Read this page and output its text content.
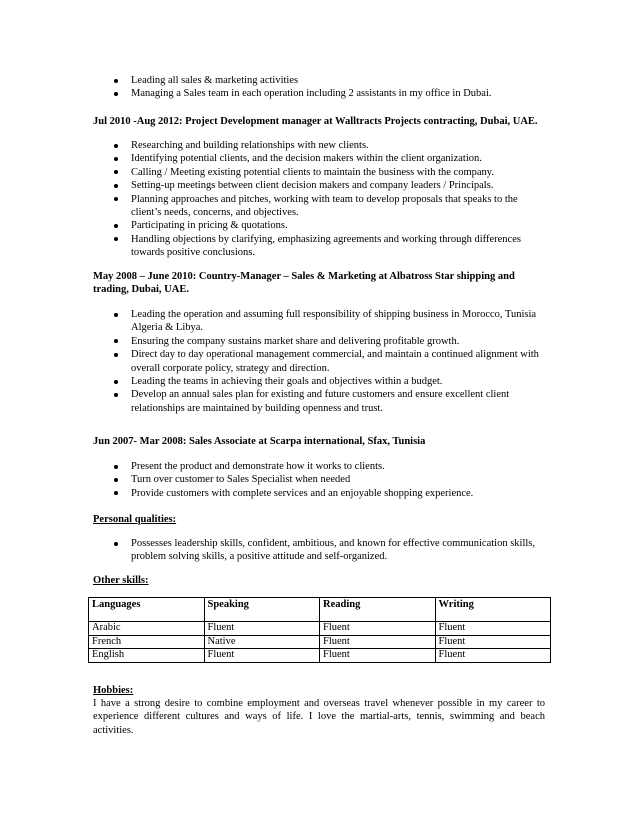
Leading all sales & marketing activities
Managing a Sales team in each operation including 2 assistants in my office in Dubai.
Jul 2010 -Aug 2012: Project Development manager at Walltracts Projects contracting, Dubai, UAE.
Researching and building relationships with new clients.
Identifying potential clients, and the decision makers within the client organization.
Calling / Meeting existing potential clients to maintain the business with the company.
Setting-up meetings between client decision makers and company leaders / Principals.
Planning approaches and pitches, working with team to develop proposals that speaks to the client’s needs, concerns, and objectives.
Participating in pricing & quotations.
Handling objections by clarifying, emphasizing agreements and working through differences towards positive conclusions.
May 2008 – June 2010: Country-Manager – Sales & Marketing at Albatross Star shipping and trading, Dubai, UAE.
Leading the operation and assuming full responsibility of shipping business in Morocco, Tunisia Algeria & Libya.
Ensuring the company sustains market share and delivering profitable growth.
Direct day to day operational management commercial, and maintain a continued alignment with overall corporate policy, strategy and direction.
Leading the teams in achieving their goals and objectives within a budget.
Develop an annual sales plan for existing and future customers and ensure excellent client relationships are maintained by building openness and trust.
Jun 2007- Mar 2008: Sales Associate at Scarpa international, Sfax, Tunisia
Present the product and demonstrate how it works to clients.
Turn over customer to Sales Specialist when needed
Provide customers with complete services and an enjoyable shopping experience.
Personal qualities:
Possesses leadership skills, confident, ambitious, and known for effective communication skills, problem solving skills, a positive attitude and self-organized.
Other skills:
Languages	Speaking	Reading	Writing
Arabic	Fluent	Fluent	Fluent
French	Native	Fluent	Fluent
English	Fluent	Fluent	Fluent
Hobbies:
I have a strong desire to combine employment and overseas travel whenever possible in my career to experience different cultures and ways of life. I love the martial-arts, tennis, swimming and beach activities.
